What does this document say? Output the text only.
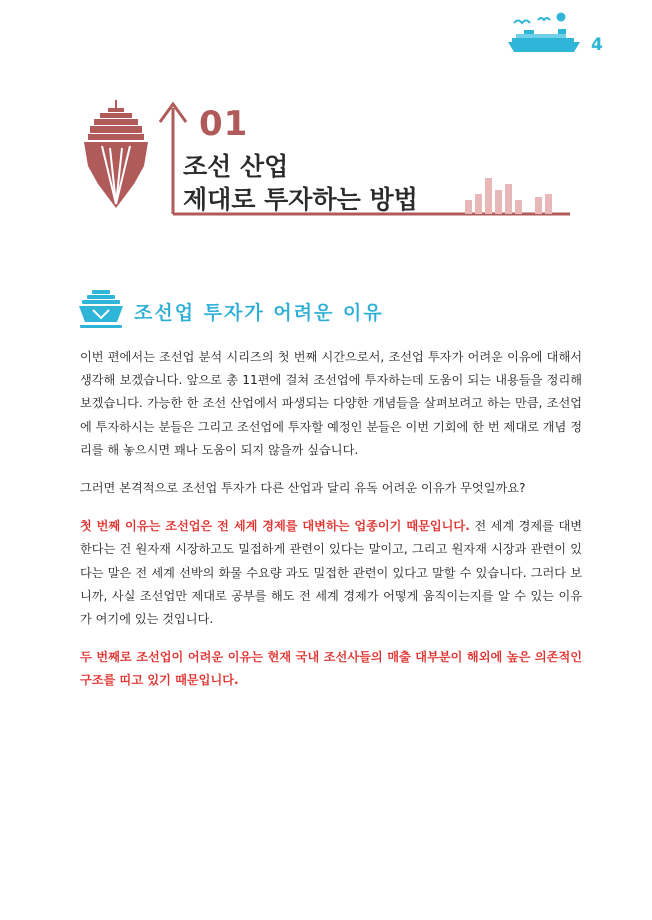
4
01
조선 산업
제대로 투자하는 방법
조선업 투자가 어려운 이유

이번 편에서는 조선업 분석 시리즈의 첫 번째 시간으로서, 조선업 투자가 어려운 이유에 대해서 생각해 보겠습니다. 앞으로 총 11편에 걸쳐 조선업에 투자하는데 도움이 되는 내용들을 정리해 보겠습니다. 가능한 한 조선 산업에서 파생되는 다양한 개념들을 살펴보려고 하는 만큼, 조선업에 투자하시는 분들은 그리고 조선업에 투자할 예정인 분들은 이번 기회에 한 번 제대로 개념 정리를 해 놓으시면 꽤나 도움이 되지 않을까 싶습니다.

그러면 본격적으로 조선업 투자가 다른 산업과 달리 유독 어려운 이유가 무엇일까요?

첫 번째 이유는 조선업은 전 세계 경제를 대변하는 업종이기 때문입니다. 전 세계 경제를 대변한다는 건 원자재 시장하고도 밀접하게 관련이 있다는 말이고, 그리고 원자재 시장과 관련이 있다는 말은 전 세계 선박의 화물 수요량 과도 밀접한 관련이 있다고 말할 수 있습니다. 그러다 보니까, 사실 조선업만 제대로 공부를 해도 전 세계 경제가 어떻게 움직이는지를 알 수 있는 이유가 여기에 있는 것입니다.

두 번째로 조선업이 어려운 이유는 현재 국내 조선사들의 매출 대부분이 해외에 높은 의존적인 구조를 띠고 있기 때문입니다.
